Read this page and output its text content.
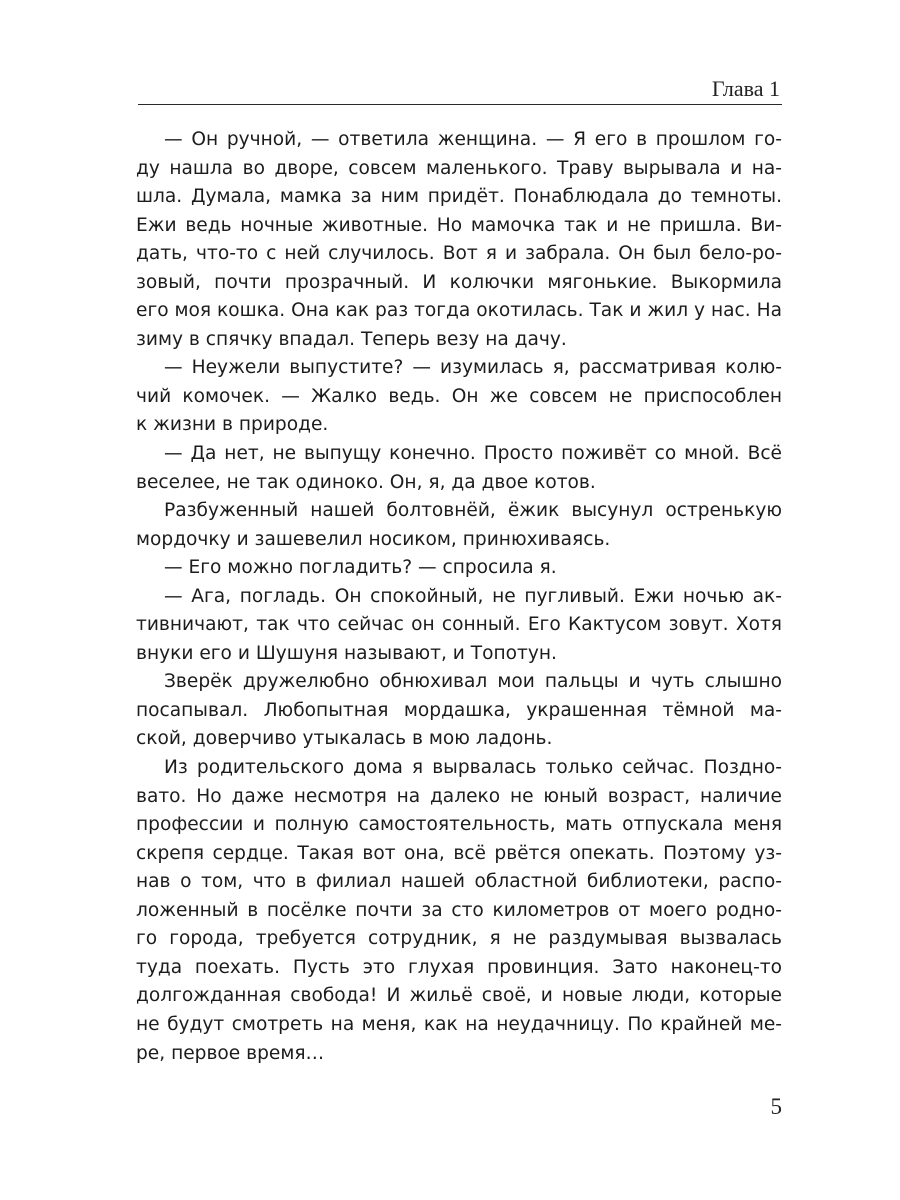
Глава 1
— Он ручной, — ответила женщина. — Я его в прошлом го-
ду нашла во дворе, совсем маленького. Траву вырывала и на-
шла. Думала, мамка за ним придёт. Понаблюдала до темноты.
Ежи ведь ночные животные. Но мамочка так и не пришла. Ви-
дать, что-то с ней случилось. Вот я и забрала. Он был бело-ро-
зовый, почти прозрачный. И колючки мягонькие. Выкормила
его моя кошка. Она как раз тогда окотилась. Так и жил у нас. На
зиму в спячку впадал. Теперь везу на дачу.
— Неужели выпустите? — изумилась я, рассматривая колю-
чий комочек. — Жалко ведь. Он же совсем не приспособлен
к жизни в природе.
— Да нет, не выпущу конечно. Просто поживёт со мной. Всё
веселее, не так одиноко. Он, я, да двое котов.
Разбуженный нашей болтовнёй, ёжик высунул остренькую
мордочку и зашевелил носиком, принюхиваясь.
— Его можно погладить? — спросила я.
— Ага, погладь. Он спокойный, не пугливый. Ежи ночью ак-
тивничают, так что сейчас он сонный. Его Кактусом зовут. Хотя
внуки его и Шушуня называют, и Топотун.
Зверёк дружелюбно обнюхивал мои пальцы и чуть слышно
посапывал. Любопытная мордашка, украшенная тёмной ма-
ской, доверчиво утыкалась в мою ладонь.
Из родительского дома я вырвалась только сейчас. Поздно-
вато. Но даже несмотря на далеко не юный возраст, наличие
профессии и полную самостоятельность, мать отпускала меня
скрепя сердце. Такая вот она, всё рвётся опекать. Поэтому уз-
нав о том, что в филиал нашей областной библиотеки, распо-
ложенный в посёлке почти за сто километров от моего родно-
го города, требуется сотрудник, я не раздумывая вызвалась
туда поехать. Пусть это глухая провинция. Зато наконец-то
долгожданная свобода! И жильё своё, и новые люди, которые
не будут смотреть на меня, как на неудачницу. По крайней ме-
ре, первое время…
5
